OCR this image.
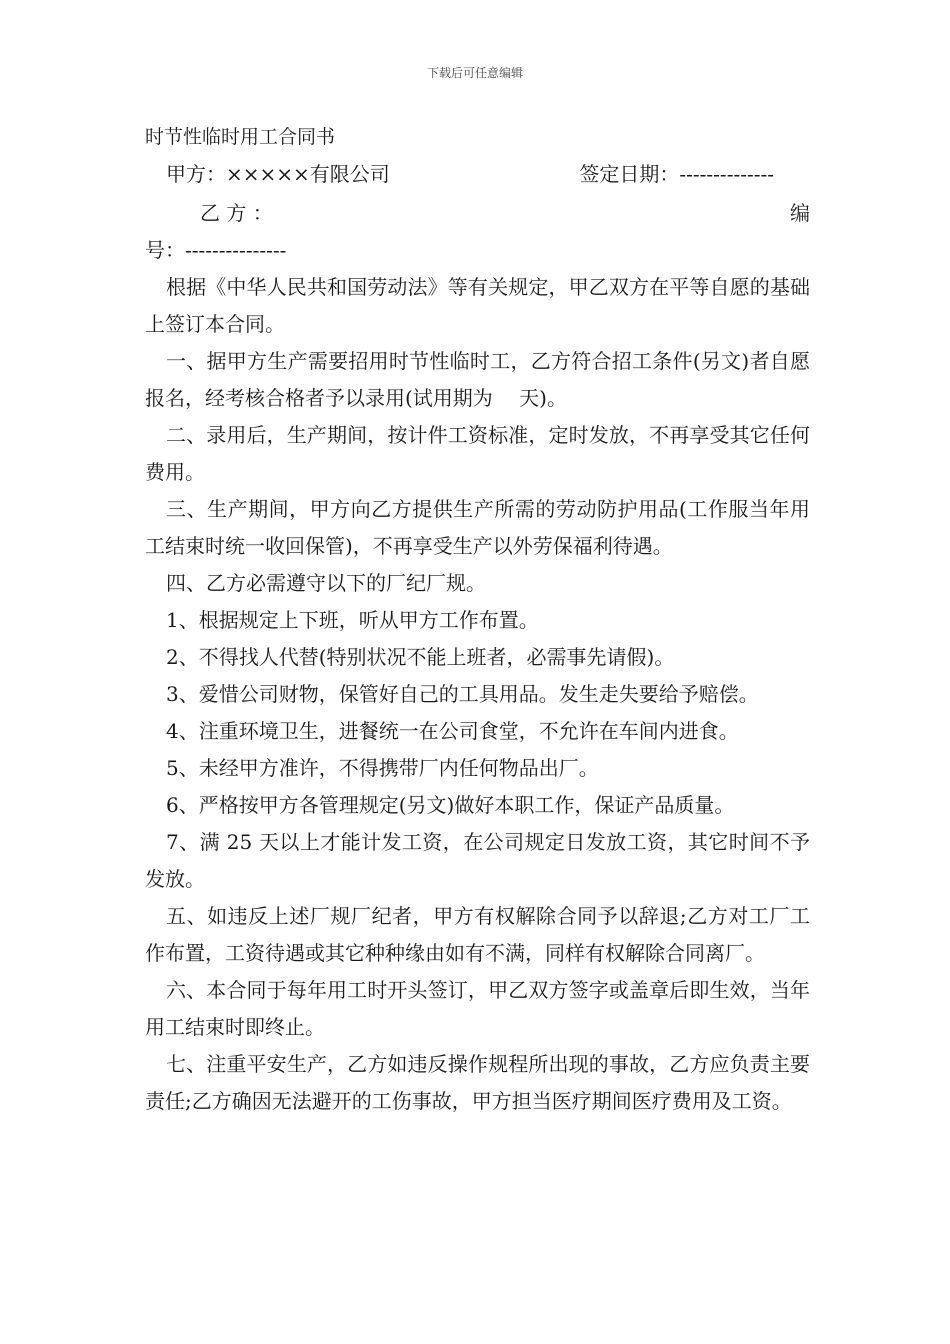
下载后可任意编辑
时节性临时用工合同书
甲方：×××××有限公司	签定日期：--------------
乙 方 ：	编
号：---------------

根据《中华人民共和国劳动法》等有关规定，甲乙双方在平等自愿的基础上签订本合同。

一、据甲方生产需要招用时节性临时工，乙方符合招工条件(另文)者自愿报名，经考核合格者予以录用(试用期为　 天)。

二、录用后，生产期间，按计件工资标准，定时发放，不再享受其它任何费用。

三、生产期间，甲方向乙方提供生产所需的劳动防护用品(工作服当年用工结束时统一收回保管)，不再享受生产以外劳保福利待遇。

四、乙方必需遵守以下的厂纪厂规。

1、根据规定上下班，听从甲方工作布置。

2、不得找人代替(特别状况不能上班者，必需事先请假)。

3、爱惜公司财物，保管好自己的工具用品。发生走失要给予赔偿。

4、注重环境卫生，进餐统一在公司食堂，不允许在车间内进食。

5、未经甲方准许，不得携带厂内任何物品出厂。

6、严格按甲方各管理规定(另文)做好本职工作，保证产品质量。

7、满 25 天以上才能计发工资，在公司规定日发放工资，其它时间不予发放。

五、如违反上述厂规厂纪者，甲方有权解除合同予以辞退;乙方对工厂工作布置，工资待遇或其它种种缘由如有不满，同样有权解除合同离厂。

六、本合同于每年用工时开头签订，甲乙双方签字或盖章后即生效，当年用工结束时即终止。

七、注重平安生产，乙方如违反操作规程所出现的事故，乙方应负责主要责任;乙方确因无法避开的工伤事故，甲方担当医疗期间医疗费用及工资。
